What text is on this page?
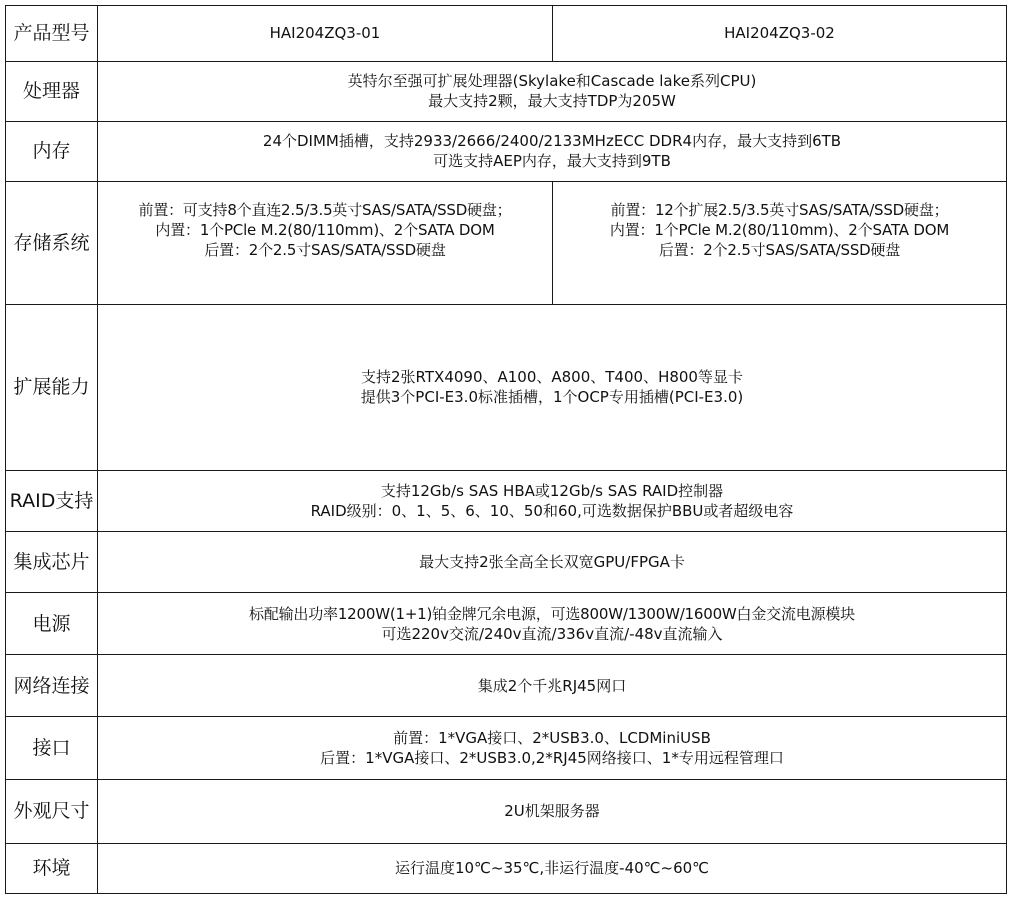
产品型号	HAI204ZQ3-01	HAI204ZQ3-02
处理器	英特尔至强可扩展处理器(Skylake和Cascade lake系列CPU)
最大支持2颗，最大支持TDP为205W	

内存	24个DIMM插槽，支持2933/2666/2400/2133MHzECC DDR4内存，最大支持到6TB
可选支持AEP内存，最大支持到9TB	

存储系统	前置：可支持8个直连2.5/3.5英寸SAS/SATA/SSD硬盘；
内置：1个PCle M.2(80/110mm)、2个SATA DOM
后置：2个2.5寸SAS/SATA/SSD硬盘	前置：12个扩展2.5/3.5英寸SAS/SATA/SSD硬盘；
内置：1个PCle M.2(80/110mm)、2个SATA DOM
后置：2个2.5寸SAS/SATA/SSD硬盘

扩展能力	支持2张RTX4090、A100、A800、T400、H800等显卡
提供3个PCI-E3.0标准插槽，1个OCP专用插槽(PCI-E3.0)	

RAID支持	支持12Gb/s SAS HBA或12Gb/s SAS RAID控制器
RAID级别：0、1、5、6、10、50和60,可选数据保护BBU或者超级电容	

集成芯片	最大支持2张全高全长双宽GPU/FPGA卡	

电源	标配输出功率1200W(1+1)铂金牌冗余电源，可选800W/1300W/1600W白金交流电源模块
可选220v交流/240v直流/336v直流/-48v直流输入	

网络连接	集成2个千兆RJ45网口	

接口	前置：1*VGA接口、2*USB3.0、LCDMiniUSB
后置：1*VGA接口、2*USB3.0,2*RJ45网络接口、1*专用远程管理口	

外观尺寸	2U机架服务器	

环境	运行温度10℃~35℃,非运行温度-40℃~60℃	
